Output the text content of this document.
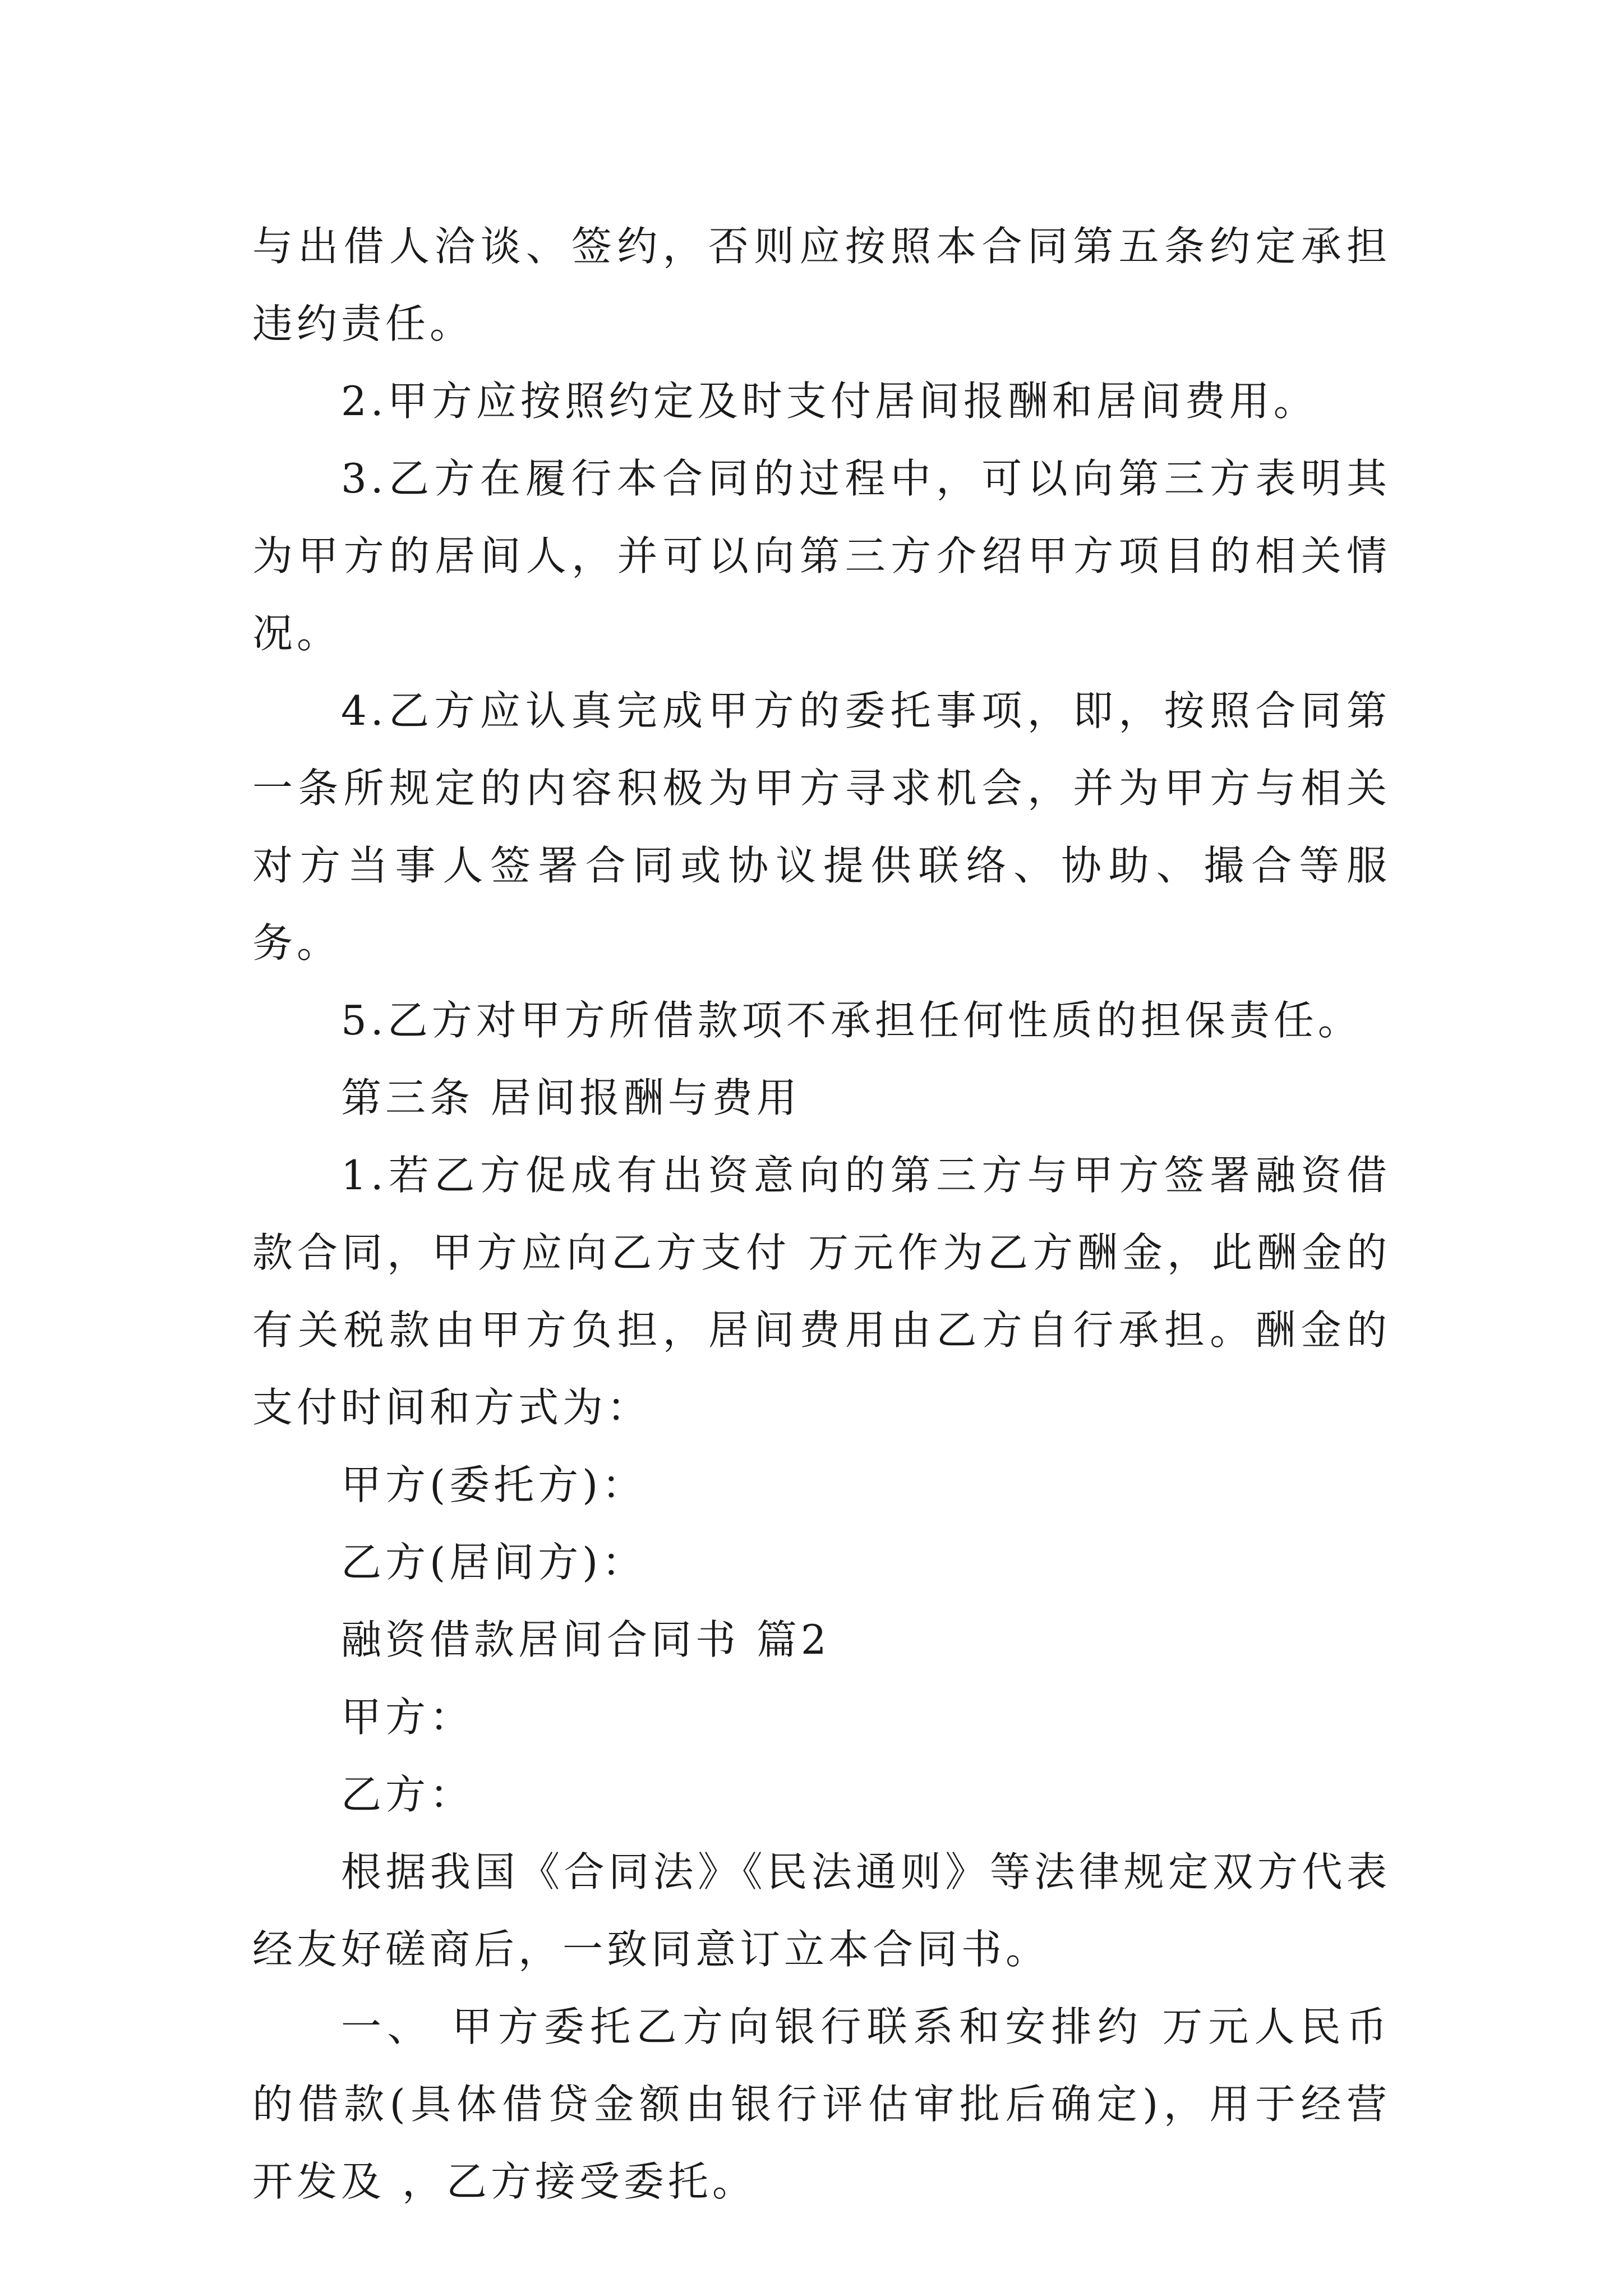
与出借人洽谈、签约，否则应按照本合同第五条约定承担违约责任。

2.甲方应按照约定及时支付居间报酬和居间费用。

3.乙方在履行本合同的过程中，可以向第三方表明其为甲方的居间人，并可以向第三方介绍甲方项目的相关情况。

4.乙方应认真完成甲方的委托事项，即，按照合同第一条所规定的内容积极为甲方寻求机会，并为甲方与相关对方当事人签署合同或协议提供联络、协助、撮合等服务。

5.乙方对甲方所借款项不承担任何性质的担保责任。

第三条 居间报酬与费用

1.若乙方促成有出资意向的第三方与甲方签署融资借款合同，甲方应向乙方支付 万元作为乙方酬金，此酬金的有关税款由甲方负担，居间费用由乙方自行承担。酬金的支付时间和方式为：

甲方(委托方)：

乙方(居间方)：

融资借款居间合同书 篇2

甲方：

乙方：

根据我国《合同法》《民法通则》等法律规定双方代表经友好磋商后，一致同意订立本合同书。

一、 甲方委托乙方向银行联系和安排约 万元人民币的借款(具体借贷金额由银行评估审批后确定)，用于经营开发及 ，乙方接受委托。
